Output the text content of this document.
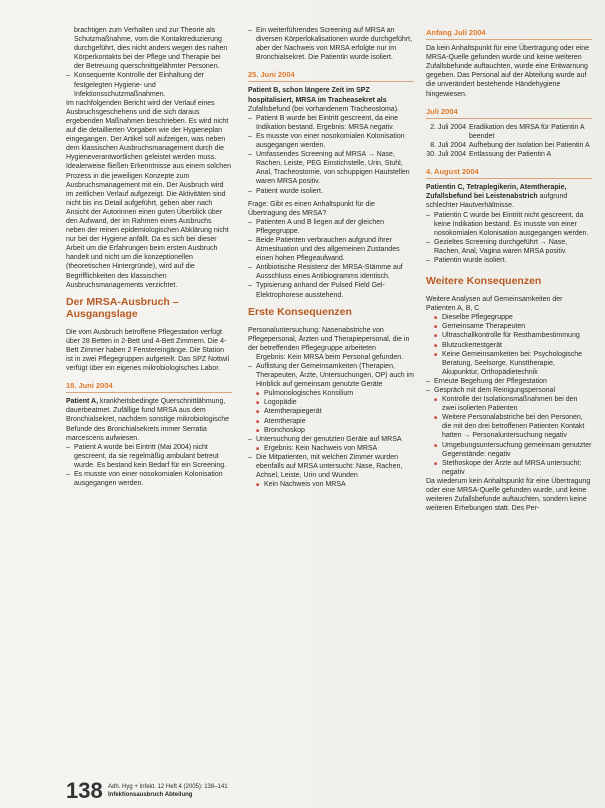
brachtigen zum Verhalten und zur Theorie als Schutzmaßnahme, vom die Kontaktreduzierung durchgeführt, dies nicht anders wegen des nahen Körperkontakts bei der Pflege und Therapie bei der Betreuung querschnittgelähmter Personen.

– Konsequente Kontrolle der Einhaltung der festgelegten Hygiene- und Infektionsschutzmaßnahmen.

Im nachfolgenden Bericht wird der Verlauf eines Ausbruchsgeschehens und die sich daraus ergebenden Maßnahmen beschrieben. Es wird nicht auf die detaillierten Vorgaben wie der Hygieneplan eingegangen. Der Artikel soll aufzeigen, was neben dem klassischen Ausbruchsmanagement durch die Hygieneverantwortlichen geleistet werden muss. Idealerweise fließen Erkenntnisse aus einem solchen Prozess in die jeweiligen Konzepte zum Ausbruchsmanagement mit ein. Der Ausbruch wird im zeitlichen Verlauf aufgezeigt. Die Aktivitäten sind nicht bis ins Detail aufgeführt, geben aber nach Ansicht der Autorinnen einen guten Überblick über den Aufwand, der im Rahmen eines Ausbruchs neben der reinen epidemiologischen Abklärung nicht nur bei der Hygiene anfällt. Da es sich bei dieser Arbeit um die Erfahrungen beim ersten Ausbruch handelt und nicht um die konzeptionellen (theoretischen Hintergründe), wird auf die Begrifflichkeiten des klassischen Ausbruchsmanagements verzichtet.

Der MRSA-Ausbruch – Ausgangslage

Die vom Ausbruch betroffene Pflegestation verfügt über 28 Betten in 2-Bett und 4-Bett Zimmern. Die 4-Bett Zimmer haben 2 Fenstereingänge. Die Station ist in zwei Pflegegruppen aufgeteilt. Das SPZ Nottwil verfügt über ein eigenes mikrobiologisches Labor.

18. Juni 2004

Patient A, krankheitsbedingte Querschnittlähmung, dauerbeatmet. Zufällige fund MRSA aus dem Bronchialsekret, nachdem sonstige mikrobiologische Befunde des Bronchialsekrets immer Serratia marcescens aufwiesen.

– Patient A wurde bei Eintritt (Mai 2004) nicht gescreent, da sie regelmäßig ambulant betreut wurde. Es bestand kein Bedarf für ein Screening.

– Es musste von einer nosokomialen Kolonisation ausgegangen werden.

– Ein weiterführendes Screening auf MRSA an diversen Körperlokalisationen wurde durchgeführt, aber der Nachweis von MRSA erfolgte nur im Bronchialsekret. Die Patientin wurde isoliert.

25. Juni 2004

Patient B, schon längere Zeit im SPZ hospitalisiert, MRSA im Tracheasekret als Zufallsbefund (bei vorhandenem Tracheostoma).

– Patient B wurde bei Eintritt gescreent, da eine Indikation bestand. Ergebnis: MRSA negativ.

– Es musste von einer nosokomialen Kolonisation ausgegangen werden.

– Umfassendes Screening auf MRSA → Nase, Rachen, Leiste, PEG Einstichstelle, Urin, Stuhl, Anal, Tracheostomie, von schuppigen Hautstellen waren MRSA positiv.

– Patient wurde isoliert.

Frage: Gibt es einen Anhaltspunkt für die Übertragung des MRSA?

– Patienten A und B liegen auf der gleichen Pflegegruppe.

– Beide Patienten verbrauchen aufgrund ihrer Atmesituation und des allgemeinen Zustandes einen hohen Pflegeaufwand.

– Antibiotische Resistenz der MRSA-Stämme auf Ausschluss eines Antibiogramms identisch.

– Typisierung anhand der Pulsed Field Gel-Elektrophorese ausstehend.

Erste Konsequenzen

Personaluntersuchung: Nasenabstriche von Pflegepersonal, Ärzten und Therapiepersonal, die in der betreffenden Pflegegruppe arbeiteten

Ergebnis: Kein MRSA beim Personal gefunden.

– Auflistung der Gemeinsamkeiten (Therapien, Therapeuten, Ärzte, Untersuchungen, OP) auch im Hinblick auf gemeinsam genutzte Geräte

■ Pulmonologisches Konsilium

■ Logopädie

■ Atemtherapiegerät

■ Atemtherapie

■ Bronchoskop

– Untersuchung der genutzten Geräte auf MRSA

■ Ergebnis: Kein Nachweis von MRSA

– Die Mitpatienten, mit welchen Zimmer wurden ebenfalls auf MRSA untersucht: Nase, Rachen, Achsel, Leiste, Urin und Wunden

■ Kein Nachweis von MRSA

Anfang Juli 2004

Da kein Anhaltspunkt für eine Übertragung oder eine MRSA-Quelle gefunden wurde und keine weiteren Zufallsbefunde auftauchten, wurde eine Entwarnung gegeben. Das Personal auf der Abteilung wurde auf die unverändert bestehende Händehygiene hingewiesen.

Juli 2004
2. Juli 2004	Eradikation des MRSA für Patientin A beendet
8. Juli 2004	Aufhebung der Isolation bei Patientin A
30. Juli 2004	Entlassung der Patientin A
4. August 2004

Patientin C, Tetraplegikerin, Atemtherapie, Zufallsbefund bei Leistenabstrich aufgrund schlechter Hautverhältnisse.

– Patientin C wurde bei Eintritt nicht gescreent, da keine Indikation bestand. Es musste von einer nosokomialen Kolonisation ausgegangen werden.

– Gezieltes Screening durchgeführt → Nase, Rachen, Anal, Vagina waren MRSA positiv.

– Patientin wurde isoliert.

Weitere Konsequenzen

Weitere Analysen auf Gemeinsamkeiten der Patienten A, B, C

■ Dieselbe Pflegegruppe

■ Gemeinsame Therapeuten

■ Ultraschallkontrolle für Restharnbestimmung

■ Blutzuckertestgerät

■ Keine Gemeinsamkeiten bei: Psychologische Beratung, Seelsorge, Kunsttherapie, Akupunktur, Orthopädietechnik

– Erneute Begehung der Pflegestation

– Gespräch mit dem Reinigungspersonal

■ Kontrolle der Isolationsmaßnahmen bei den zwei isolierten Patienten

■ Weitere Personalabstriche bei den Personen, die mit den drei betroffenen Patienten Kontakt hatten → Personaluntersuchung negativ

■ Umgebungsuntersuchung gemeinsam genutzter Gegenstände: negativ

■ Stethoskope der Ärzte auf MRSA untersucht: negativ

Da wiederum kein Anhaltspunkt für eine Übertragung oder eine MRSA-Quelle gefunden wurde, und keine weiteren Zufallsbefunde auftauchten, sondern keine weiteren Erhebungen statt. Des Per-

138 Adh. Hyg + Infekt. 12 Heft 4 (2005): 138–141
Infektionsausbruch Abteilung
